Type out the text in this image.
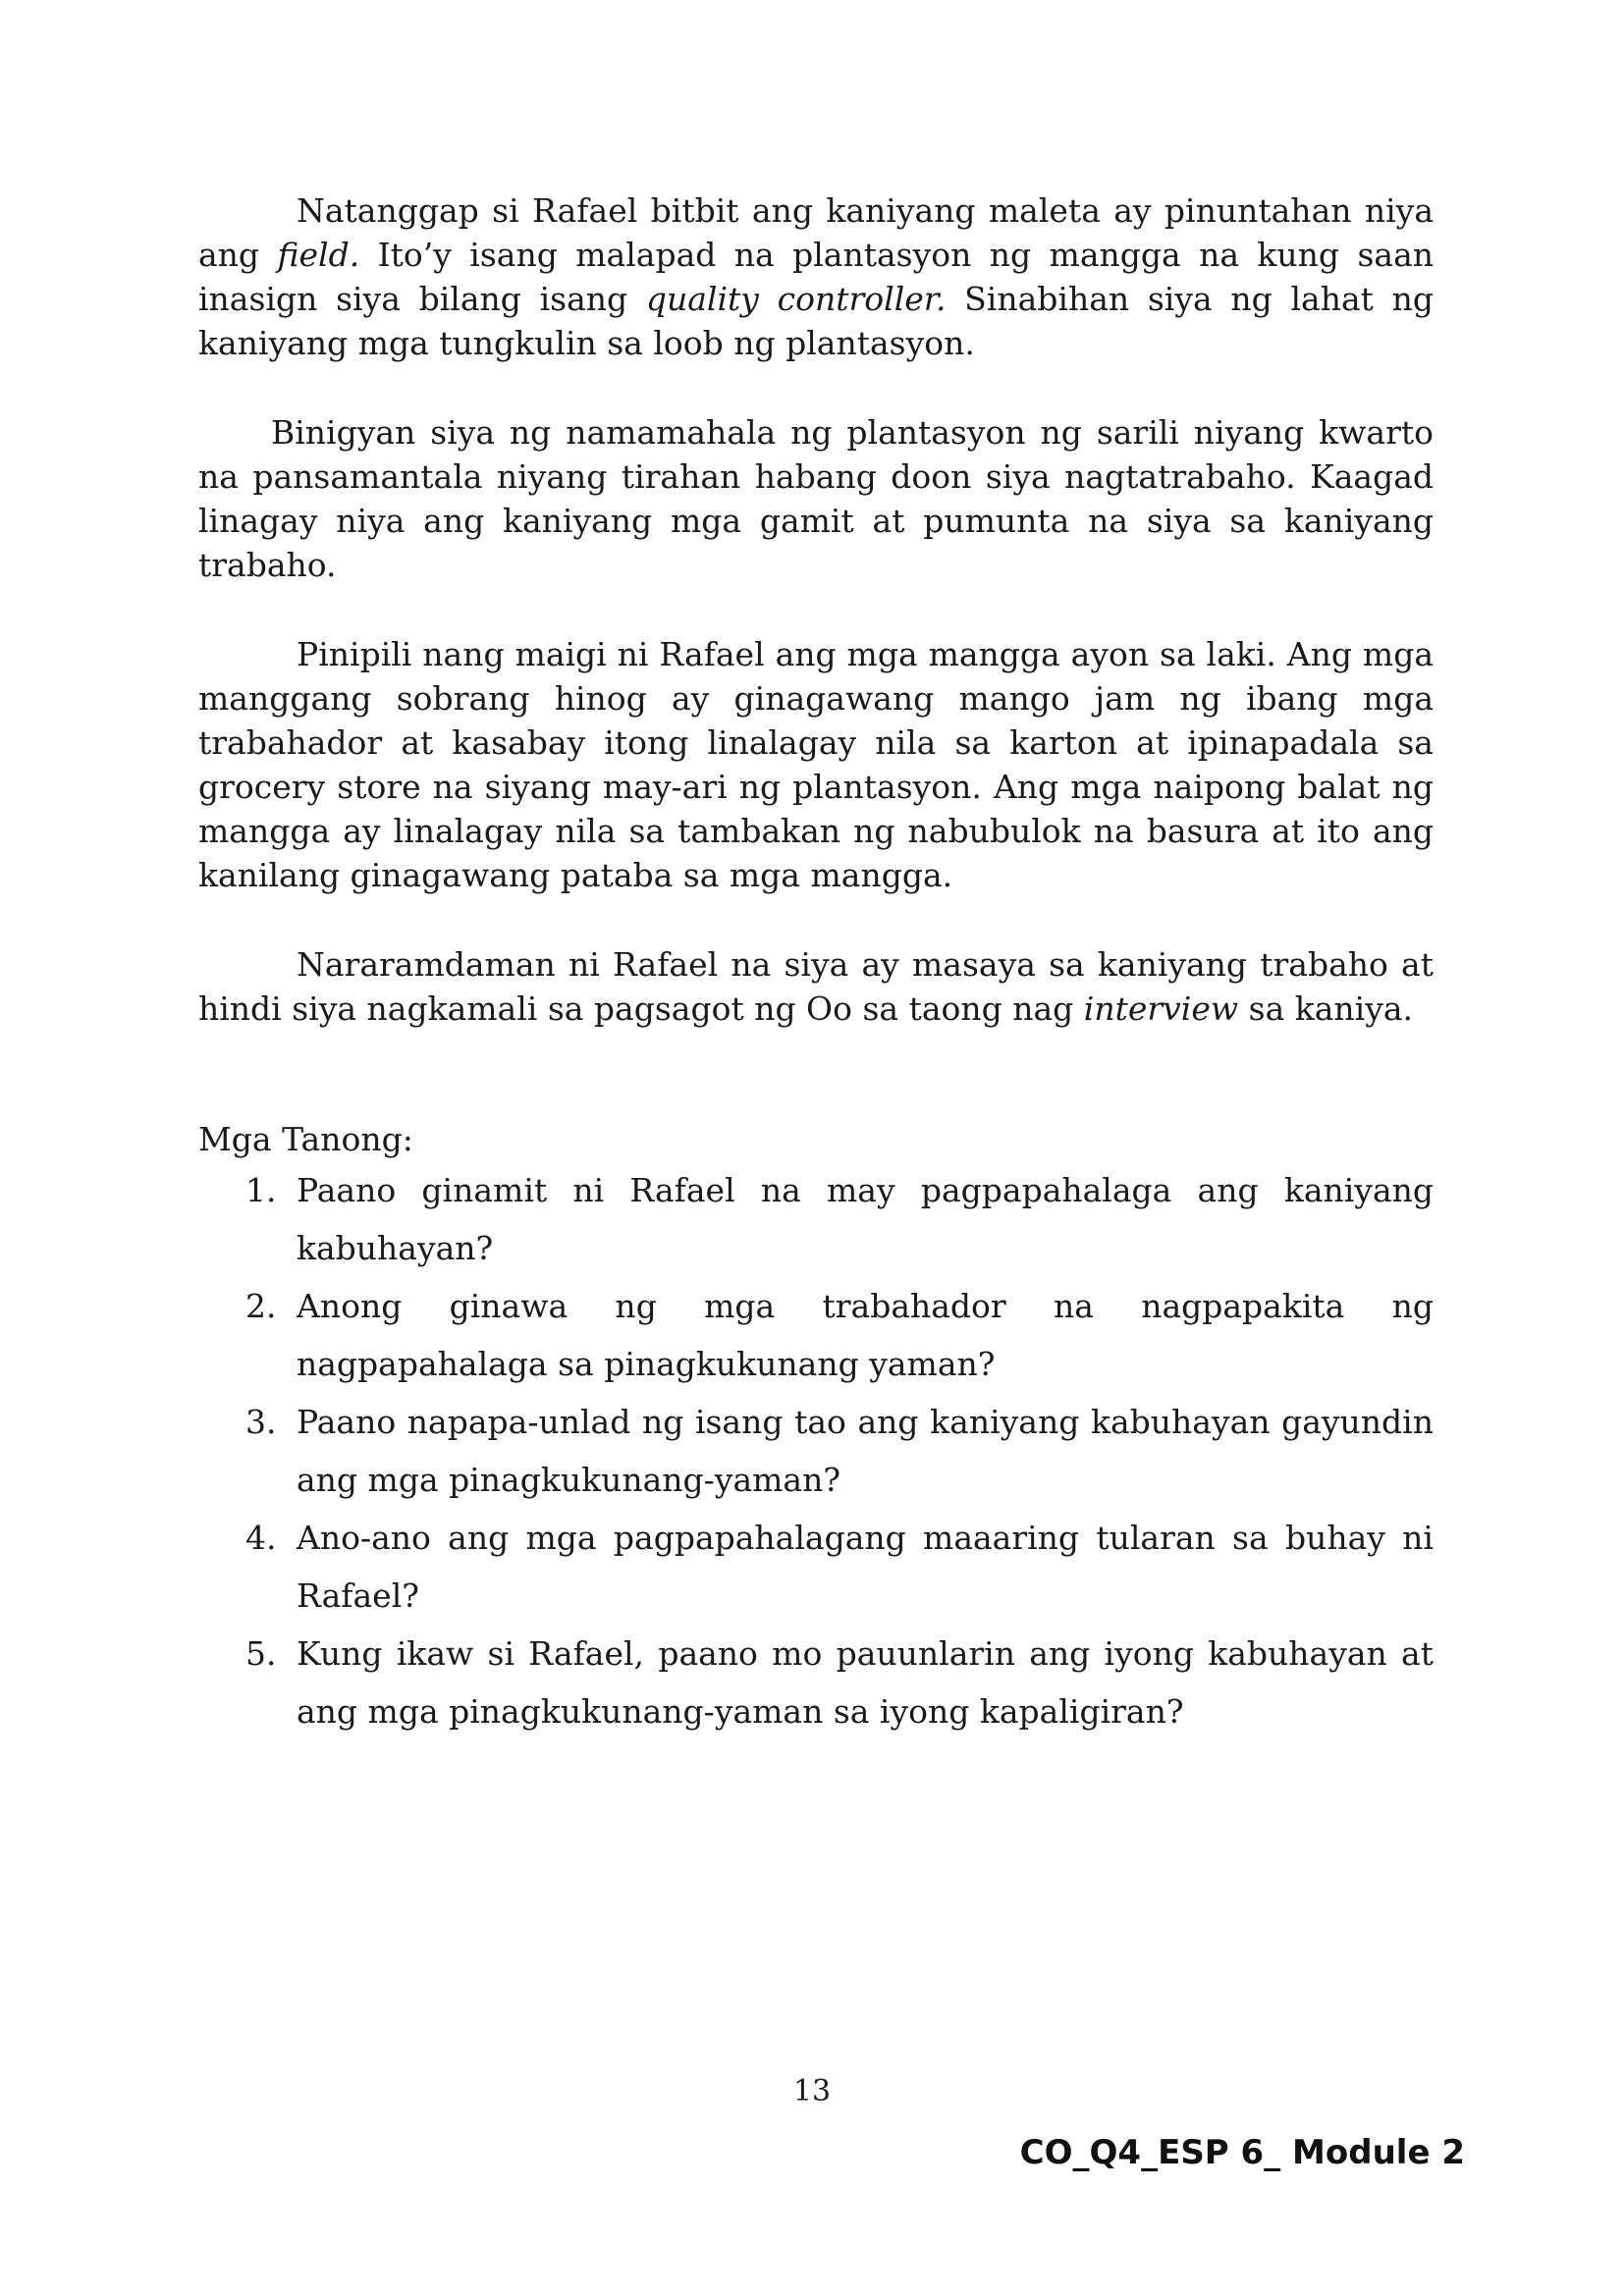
Natanggap si Rafael bitbit ang kaniyang maleta ay pinuntahan niya ang field. Ito’y isang malapad na plantasyon ng mangga na kung saan inasign siya bilang isang quality controller. Sinabihan siya ng lahat ng kaniyang mga tungkulin sa loob ng plantasyon.

Binigyan siya ng namamahala ng plantasyon ng sarili niyang kwarto na pansamantala niyang tirahan habang doon siya nagtatrabaho. Kaagad linagay niya ang kaniyang mga gamit at pumunta na siya sa kaniyang trabaho.

Pinipili nang maigi ni Rafael ang mga mangga ayon sa laki. Ang mga manggang sobrang hinog ay ginagawang mango jam ng ibang mga trabahador at kasabay itong linalagay nila sa karton at ipinapadala sa grocery store na siyang may-ari ng plantasyon. Ang mga naipong balat ng mangga ay linalagay nila sa tambakan ng nabubulok na basura at ito ang kanilang ginagawang pataba sa mga mangga.

Nararamdaman ni Rafael na siya ay masaya sa kaniyang trabaho at hindi siya nagkamali sa pagsagot ng Oo sa taong nag interview sa kaniya.

Mga Tanong:

1. Paano ginamit ni Rafael na may pagpapahalaga ang kaniyang kabuhayan?
2. Anong ginawa ng mga trabahador na nagpapakita ng nagpapahalaga sa pinagkukunang yaman?
3. Paano napapa-unlad ng isang tao ang kaniyang kabuhayan gayundin ang mga pinagkukunang-yaman?
4. Ano-ano ang mga pagpapahalagang maaaring tularan sa buhay ni Rafael?
5. Kung ikaw si Rafael, paano mo pauunlarin ang iyong kabuhayan at ang mga pinagkukunang-yaman sa iyong kapaligiran?
13
CO_Q4_ESP 6_ Module 2
